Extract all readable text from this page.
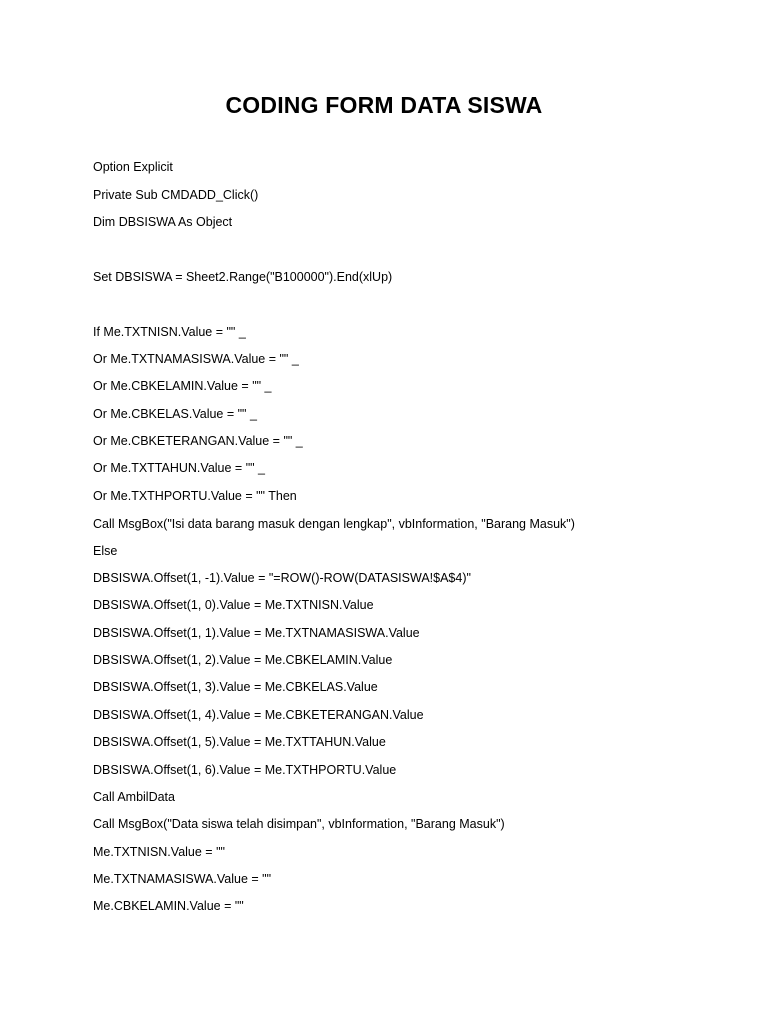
CODING FORM DATA SISWA

Option Explicit

Private Sub CMDADD_Click()

Dim DBSISWA As Object

Set DBSISWA = Sheet2.Range("B100000").End(xlUp)

If Me.TXTNISN.Value = "" _

Or Me.TXTNAMASISWA.Value = "" _

Or Me.CBKELAMIN.Value = "" _

Or Me.CBKELAS.Value = "" _

Or Me.CBKETERANGAN.Value = "" _

Or Me.TXTTAHUN.Value = "" _

Or Me.TXTHPORTU.Value = "" Then

Call MsgBox("Isi data barang masuk dengan lengkap", vbInformation, "Barang Masuk")

Else

DBSISWA.Offset(1, -1).Value = "=ROW()-ROW(DATASISWA!$A$4)"

DBSISWA.Offset(1, 0).Value = Me.TXTNISN.Value

DBSISWA.Offset(1, 1).Value = Me.TXTNAMASISWA.Value

DBSISWA.Offset(1, 2).Value = Me.CBKELAMIN.Value

DBSISWA.Offset(1, 3).Value = Me.CBKELAS.Value

DBSISWA.Offset(1, 4).Value = Me.CBKETERANGAN.Value

DBSISWA.Offset(1, 5).Value = Me.TXTTAHUN.Value

DBSISWA.Offset(1, 6).Value = Me.TXTHPORTU.Value

Call AmbilData

Call MsgBox("Data siswa telah disimpan", vbInformation, "Barang Masuk")

Me.TXTNISN.Value = ""

Me.TXTNAMASISWA.Value = ""

Me.CBKELAMIN.Value = ""
